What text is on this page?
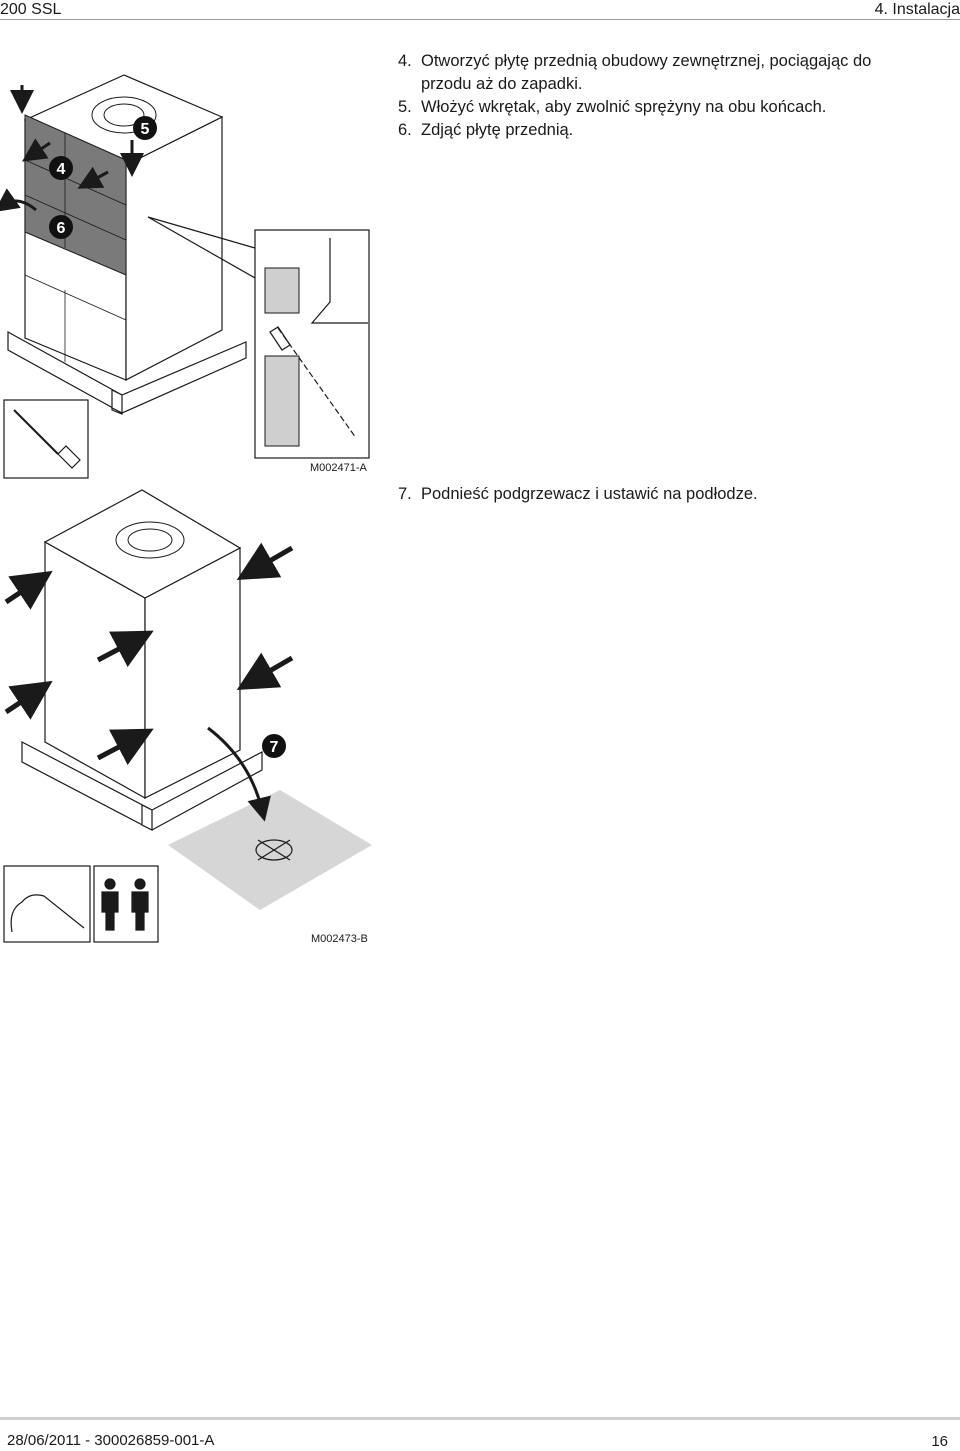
200 SSL	4. Instalacja
4. Otworzyć płytę przednią obudowy zewnętrznej, pociągając do
przodu aż do zapadki.
5. Włożyć wkrętak, aby zwolnić sprężyny na obu końcach.
6. Zdjąć płytę przednią.
5
4
6
M002471-A
7. Podnieść podgrzewacz i ustawić na podłodze.
7
M002473-B
28/06/2011 - 300026859-001-A	16
